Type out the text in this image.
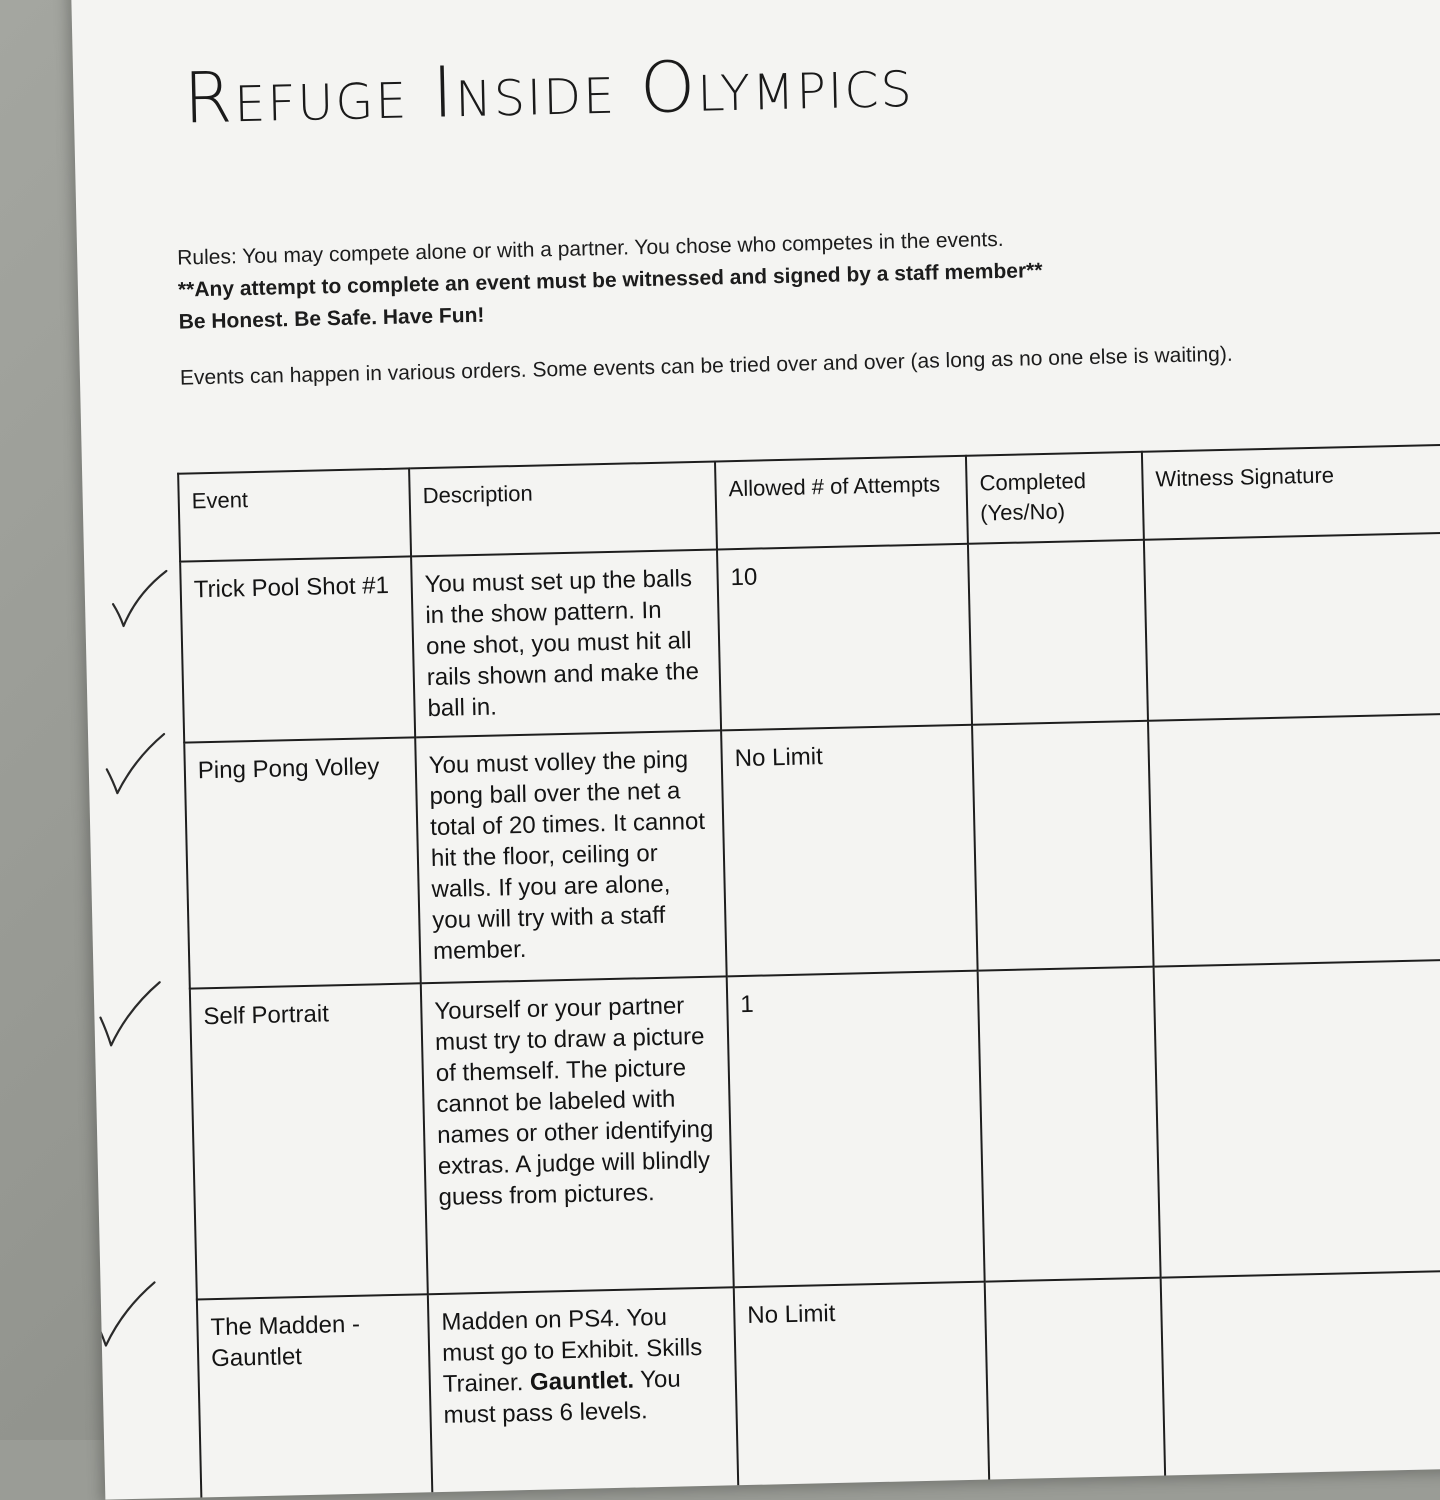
Refuge Inside Olympics

Rules: You may compete alone or with a partner. You chose who competes in the events.

**Any attempt to complete an event must be witnessed and signed by a staff member**

Be Honest. Be Safe. Have Fun!

Events can happen in various orders. Some events can be tried over and over (as long as no one else is waiting).

Event	Description	Allowed # of Attempts	Completed (Yes/No)	Witness Signature
Trick Pool Shot #1	You must set up the balls in the show pattern. In one shot, you must hit all rails shown and make the ball in.	10		
Ping Pong Volley	You must volley the ping pong ball over the net a total of 20 times. It cannot hit the floor, ceiling or walls. If you are alone, you will try with a staff member.	No Limit		
Self Portrait	Yourself or your partner must try to draw a picture of themself. The picture cannot be labeled with names or other identifying extras. A judge will blindly guess from pictures.	1		
The Madden - Gauntlet	Madden on PS4. You must go to Exhibit. Skills Trainer. Gauntlet. You must pass 6 levels.	No Limit		
